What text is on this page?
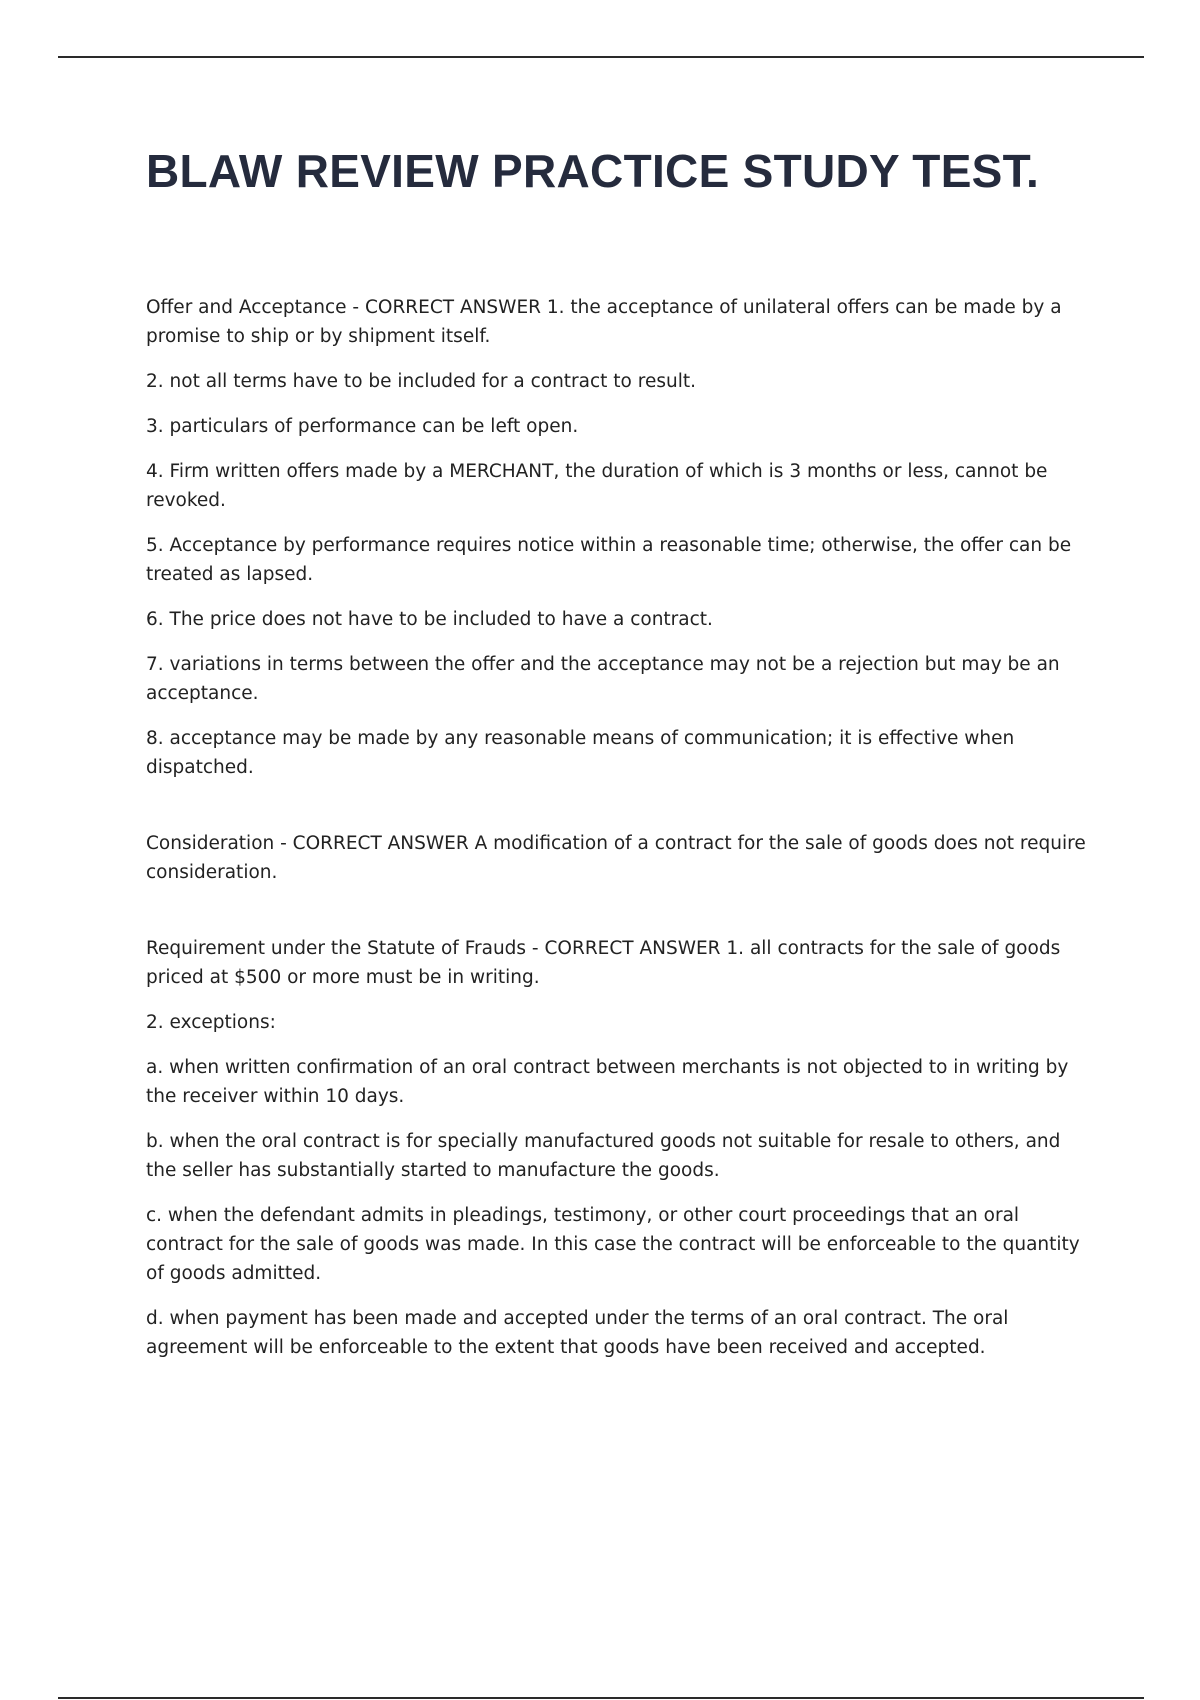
BLAW REVIEW PRACTICE STUDY TEST.

Offer and Acceptance - CORRECT ANSWER 1. the acceptance of unilateral offers can be made by a promise to ship or by shipment itself.

2. not all terms have to be included for a contract to result.

3. particulars of performance can be left open.

4. Firm written offers made by a MERCHANT, the duration of which is 3 months or less, cannot be revoked.

5. Acceptance by performance requires notice within a reasonable time; otherwise, the offer can be treated as lapsed.

6. The price does not have to be included to have a contract.

7. variations in terms between the offer and the acceptance may not be a rejection but may be an acceptance.

8. acceptance may be made by any reasonable means of communication; it is effective when dispatched.

Consideration - CORRECT ANSWER A modification of a contract for the sale of goods does not require consideration.

Requirement under the Statute of Frauds - CORRECT ANSWER 1. all contracts for the sale of goods priced at $500 or more must be in writing.

2. exceptions:

a. when written confirmation of an oral contract between merchants is not objected to in writing by the receiver within 10 days.

b. when the oral contract is for specially manufactured goods not suitable for resale to others, and the seller has substantially started to manufacture the goods.

c. when the defendant admits in pleadings, testimony, or other court proceedings that an oral contract for the sale of goods was made. In this case the contract will be enforceable to the quantity of goods admitted.

d. when payment has been made and accepted under the terms of an oral contract. The oral agreement will be enforceable to the extent that goods have been received and accepted.
